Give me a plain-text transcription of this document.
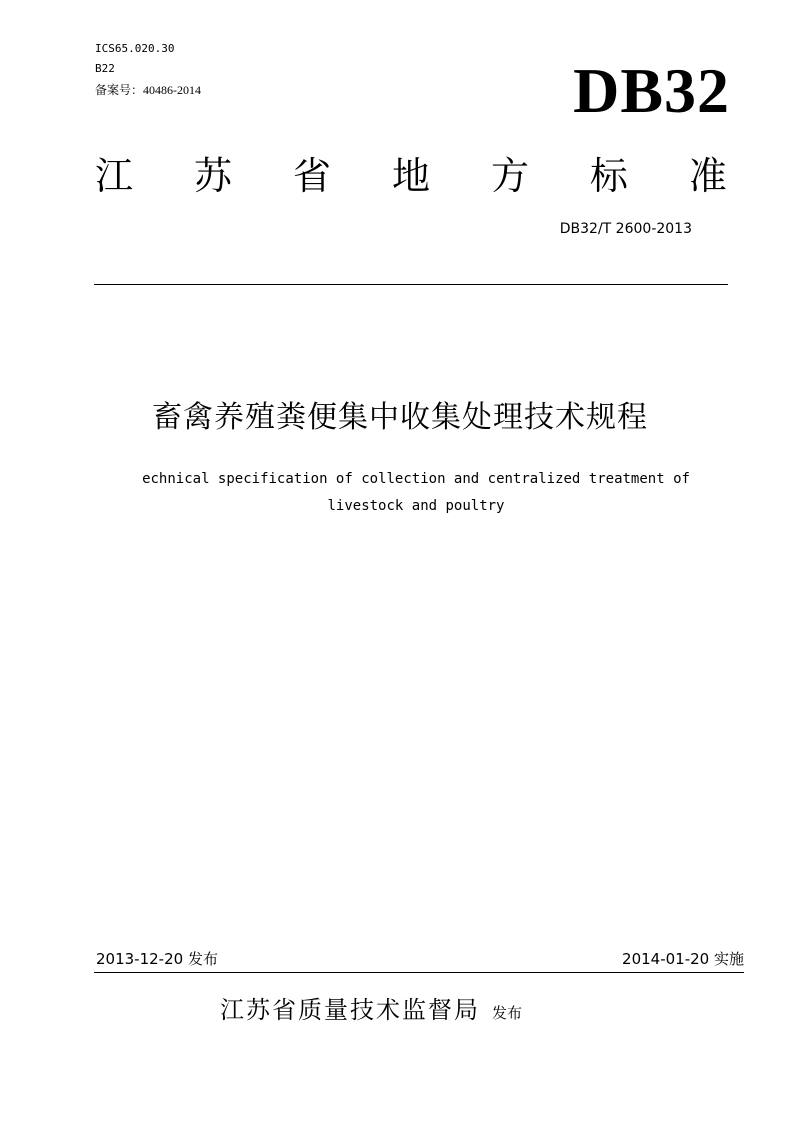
ICS65.020.30
B22
备案号：40486-2014	DB32
江 苏 省 地 方 标 准
DB32/T 2600-2013
畜禽养殖粪便集中收集处理技术规程
echnical specification of collection and centralized treatment of
livestock and poultry
2013-12-20 发布	2014-01-20 实施
江苏省质量技术监督局 发布
